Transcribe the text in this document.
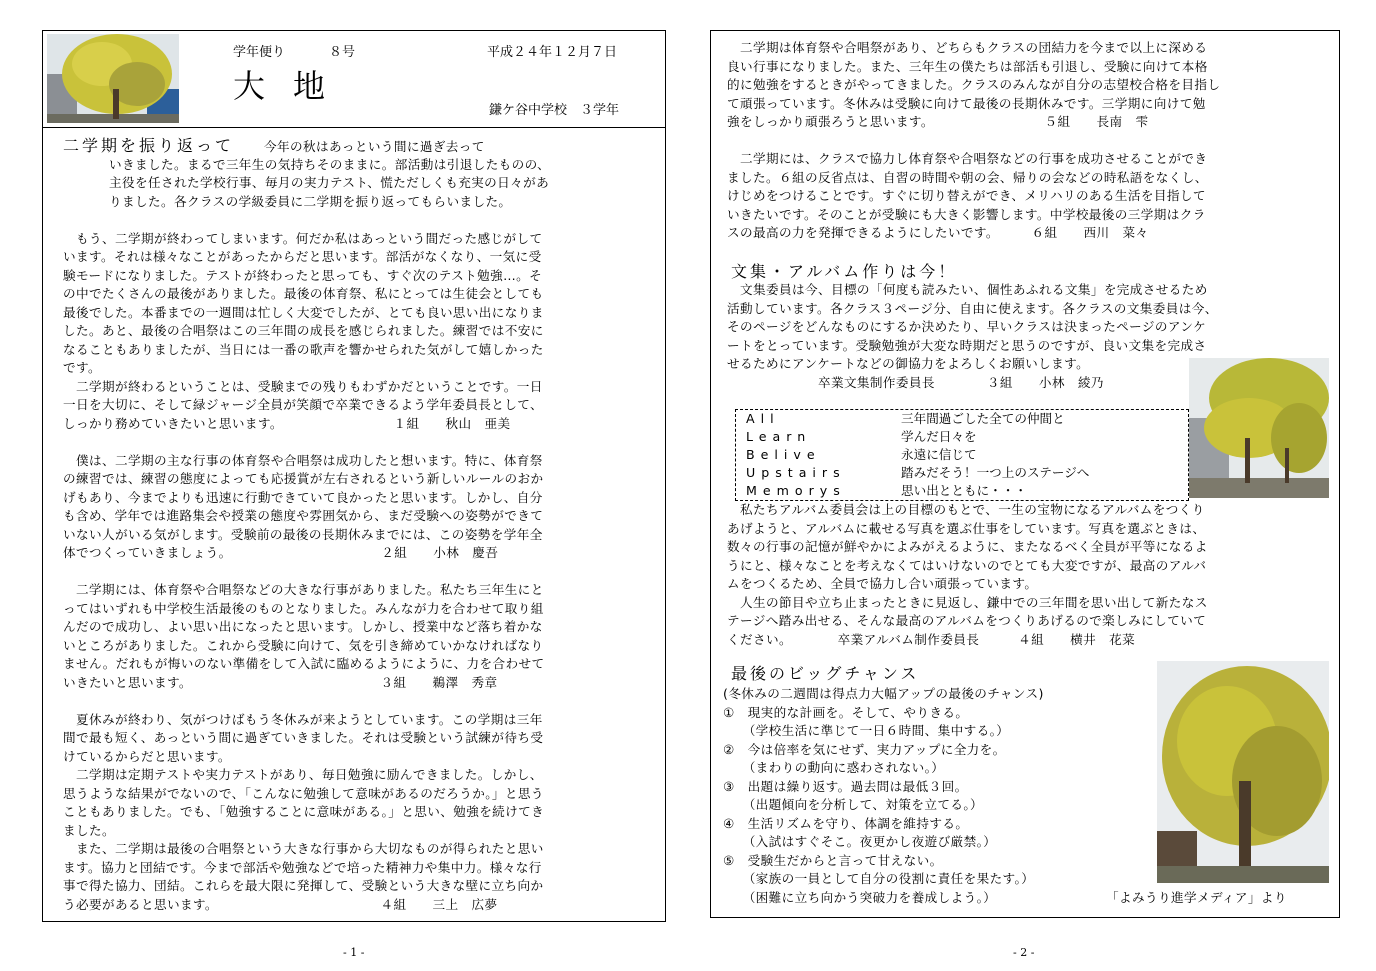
学年便り	８号	平成２４年１２月７日
大地
鎌ケ谷中学校　３学年
二学期を振り返って 今年の秋はあっという間に過ぎ去って
いきました。まるで三年生の気持ちそのままに。部活動は引退したものの、
主役を任された学校行事、毎月の実力テスト、慌ただしくも充実の日々があ
りました。各クラスの学級委員に二学期を振り返ってもらいました。
　もう、二学期が終わってしまいます。何だか私はあっという間だった感じがして
います。それは様々なことがあったからだと思います。部活がなくなり、一気に受
験モードになりました。テストが終わったと思っても、すぐ次のテスト勉強…。そ
の中でたくさんの最後がありました。最後の体育祭、私にとっては生徒会としても
最後でした。本番までの一週間は忙しく大変でしたが、とても良い思い出になりま
した。あと、最後の合唱祭はこの三年間の成長を感じられました。練習では不安に
なることもありましたが、当日には一番の歌声を響かせられた気がして嬉しかった
です。
　二学期が終わるということは、受験までの残りもわずかだということです。一日
一日を大切に、そして緑ジャージ全員が笑顔で卒業できるよう学年委員長として、
しっかり務めていきたいと思います。　　　　　　　　　１組　　秋山　亜美
　僕は、二学期の主な行事の体育祭や合唱祭は成功したと想います。特に、体育祭
の練習では、練習の態度によっても応援賞が左右されるという新しいルールのおか
げもあり、今までよりも迅速に行動できていて良かったと思います。しかし、自分
も含め、学年では進路集会や授業の態度や雰囲気から、まだ受験への姿勢ができて
いない人がいる気がします。受験前の最後の長期休みまでには、この姿勢を学年全
体でつくっていきましょう。　　　　　　　　　　　　２組　　小林　慶吾
　二学期には、体育祭や合唱祭などの大きな行事がありました。私たち三年生にと
ってはいずれも中学校生活最後のものとなりました。みんなが力を合わせて取り組
んだので成功し、よい思い出になったと思います。しかし、授業中など落ち着かな
いところがありました。これから受験に向けて、気を引き締めていかなければなり
ません。だれもが悔いのない準備をして入試に臨めるようにように、力を合わせて
いきたいと思います。　　　　　　　　　　　　　　　３組　　鵜澤　秀章
　夏休みが終わり、気がつけばもう冬休みが来ようとしています。この学期は三年
間で最も短く、あっという間に過ぎていきました。それは受験という試練が待ち受
けているからだと思います。
　二学期は定期テストや実力テストがあり、毎日勉強に励んできました。しかし、
思うような結果がでないので、「こんなに勉強して意味があるのだろうか。」と思う
こともありました。でも、「勉強することに意味がある。」と思い、勉強を続けてき
ました。
　また、二学期は最後の合唱祭という大きな行事から大切なものが得られたと思い
ます。協力と団結です。今まで部活や勉強などで培った精神力や集中力。様々な行
事で得た協力、団結。これらを最大限に発揮して、受験という大きな壁に立ち向か
う必要があると思います。　　　　　　　　　　　　　４組　　三上　広夢
- 1 -
　二学期は体育祭や合唱祭があり、どちらもクラスの団結力を今まで以上に深める
良い行事になりました。また、三年生の僕たちは部活も引退し、受験に向けて本格
的に勉強をするときがやってきました。クラスのみんなが自分の志望校合格を目指し
て頑張っています。冬休みは受験に向けて最後の長期休みです。三学期に向けて勉
強をしっかり頑張ろうと思います。　　　　　　　　　５組　　長南　雫
　二学期には、クラスで協力し体育祭や合唱祭などの行事を成功させることができ
ました。６組の反省点は、自習の時間や朝の会、帰りの会などの時私語をなくし、
けじめをつけることです。すぐに切り替えができ、メリハリのある生活を目指して
いきたいです。そのことが受験にも大きく影響します。中学校最後の三学期はクラ
スの最高の力を発揮できるようにしたいです。　　　６組　　西川　菜々
文集・アルバム作りは今！
　文集委員は今、目標の「何度も読みたい、個性あふれる文集」を完成させるため
活動しています。各クラス３ページ分、自由に使えます。各クラスの文集委員は今、
そのページをどんなものにするか決めたり、早いクラスは決まったページのアンケ
ートをとっています。受験勉強が大変な時期だと思うのですが、良い文集を完成さ
せるためにアンケートなどの御協力をよろしくお願いします。
　　　　　　　卒業文集制作委員長　　　　３組　　小林　綾乃
All	三年間過ごした全ての仲間と
Learn	学んだ日々を
Belive	永遠に信じて
Upstairs	踏みだそう！一つ上のステージへ
Memorys	思い出とともに・・・
　私たちアルバム委員会は上の目標のもとで、一生の宝物になるアルバムをつくり
あげようと、アルバムに載せる写真を選ぶ仕事をしています。写真を選ぶときは、
数々の行事の記憶が鮮やかによみがえるように、またなるべく全員が平等になるよ
うにと、様々なことを考えなくてはいけないのでとても大変ですが、最高のアルバ
ムをつくるため、全員で協力し合い頑張っています。
　人生の節目や立ち止まったときに見返し、鎌中での三年間を思い出して新たなス
テージへ踏み出せる、そんな最高のアルバムをつくりあげるので楽しみにしていて
ください。　　　　卒業アルバム制作委員長　　　４組　　横井　花菜
最後のビッグチャンス
(冬休みの二週間は得点力大幅アップの最後のチャンス)
①　現実的な計画を。そして、やりきる。
　　（学校生活に準じて一日６時間、集中する。）
②　今は倍率を気にせず、実力アップに全力を。
　　（まわりの動向に惑わされない。）
③　出題は繰り返す。過去問は最低３回。
　　（出題傾向を分析して、対策を立てる。）
④　生活リズムを守り、体調を維持する。
　　（入試はすぐそこ。夜更かし夜遊び厳禁。）
⑤　受験生だからと言って甘えない。
　　（家族の一員として自分の役割に責任を果たす。）
　　（困難に立ち向かう突破力を養成しよう。）	「よみうり進学メディア」より
- 2 -
